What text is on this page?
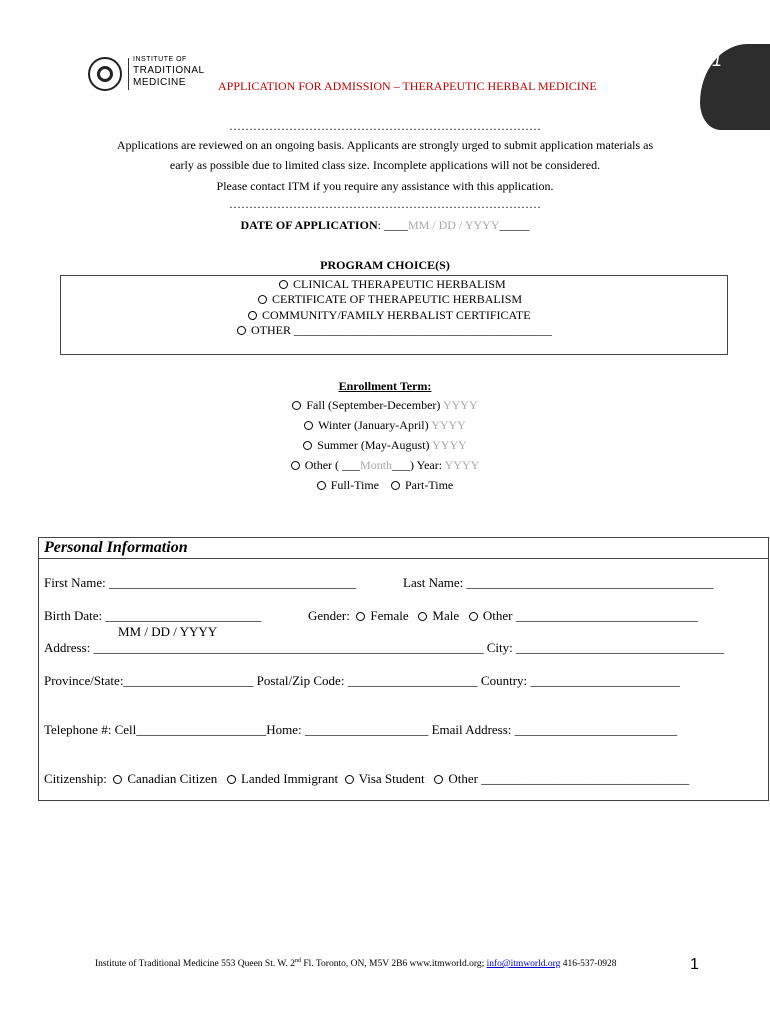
1
INSTITUTE OF
TRADITIONAL
MEDICINE	APPLICATION FOR ADMISSION – THERAPEUTIC HERBAL MEDICINE
……………………………………………………………………
Applications are reviewed on an ongoing basis. Applicants are strongly urged to submit application materials as
early as possible due to limited class size. Incomplete applications will not be considered.
Please contact ITM if you require any assistance with this application.
……………………………………………………………………
DATE OF APPLICATION: ____MM / DD / YYYY_____
PROGRAM CHOICE(S)
CLINICAL THERAPEUTIC HERBALISM
CERTIFICATE OF THERAPEUTIC HERBALISM
COMMUNITY/FAMILY HERBALIST CERTIFICATE
OTHER ___________________________________________
Enrollment Term:
Fall (September-December) YYYY
Winter (January-April) YYYY
Summer (May-August) YYYY
Other ( ___Month___) Year: YYYY
Full-Time Part-Time
Personal Information
First Name: ______________________________________	Last Name: ______________________________________
Birth Date: ________________________	Gender: Female Male Other ____________________________
MM / DD / YYYY
Address: ____________________________________________________________ City: ________________________________
Province/State:____________________ Postal/Zip Code: ____________________ Country: _______________________
Telephone #: Cell____________________Home: ___________________ Email Address: _________________________
Citizenship: Canadian Citizen Landed Immigrant Visa Student Other ________________________________
Institute of Traditional Medicine 553 Queen St. W. 2nd Fl. Toronto, ON, M5V 2B6 www.itmworld.org; info@itmworld.org 416-537-0928	1
